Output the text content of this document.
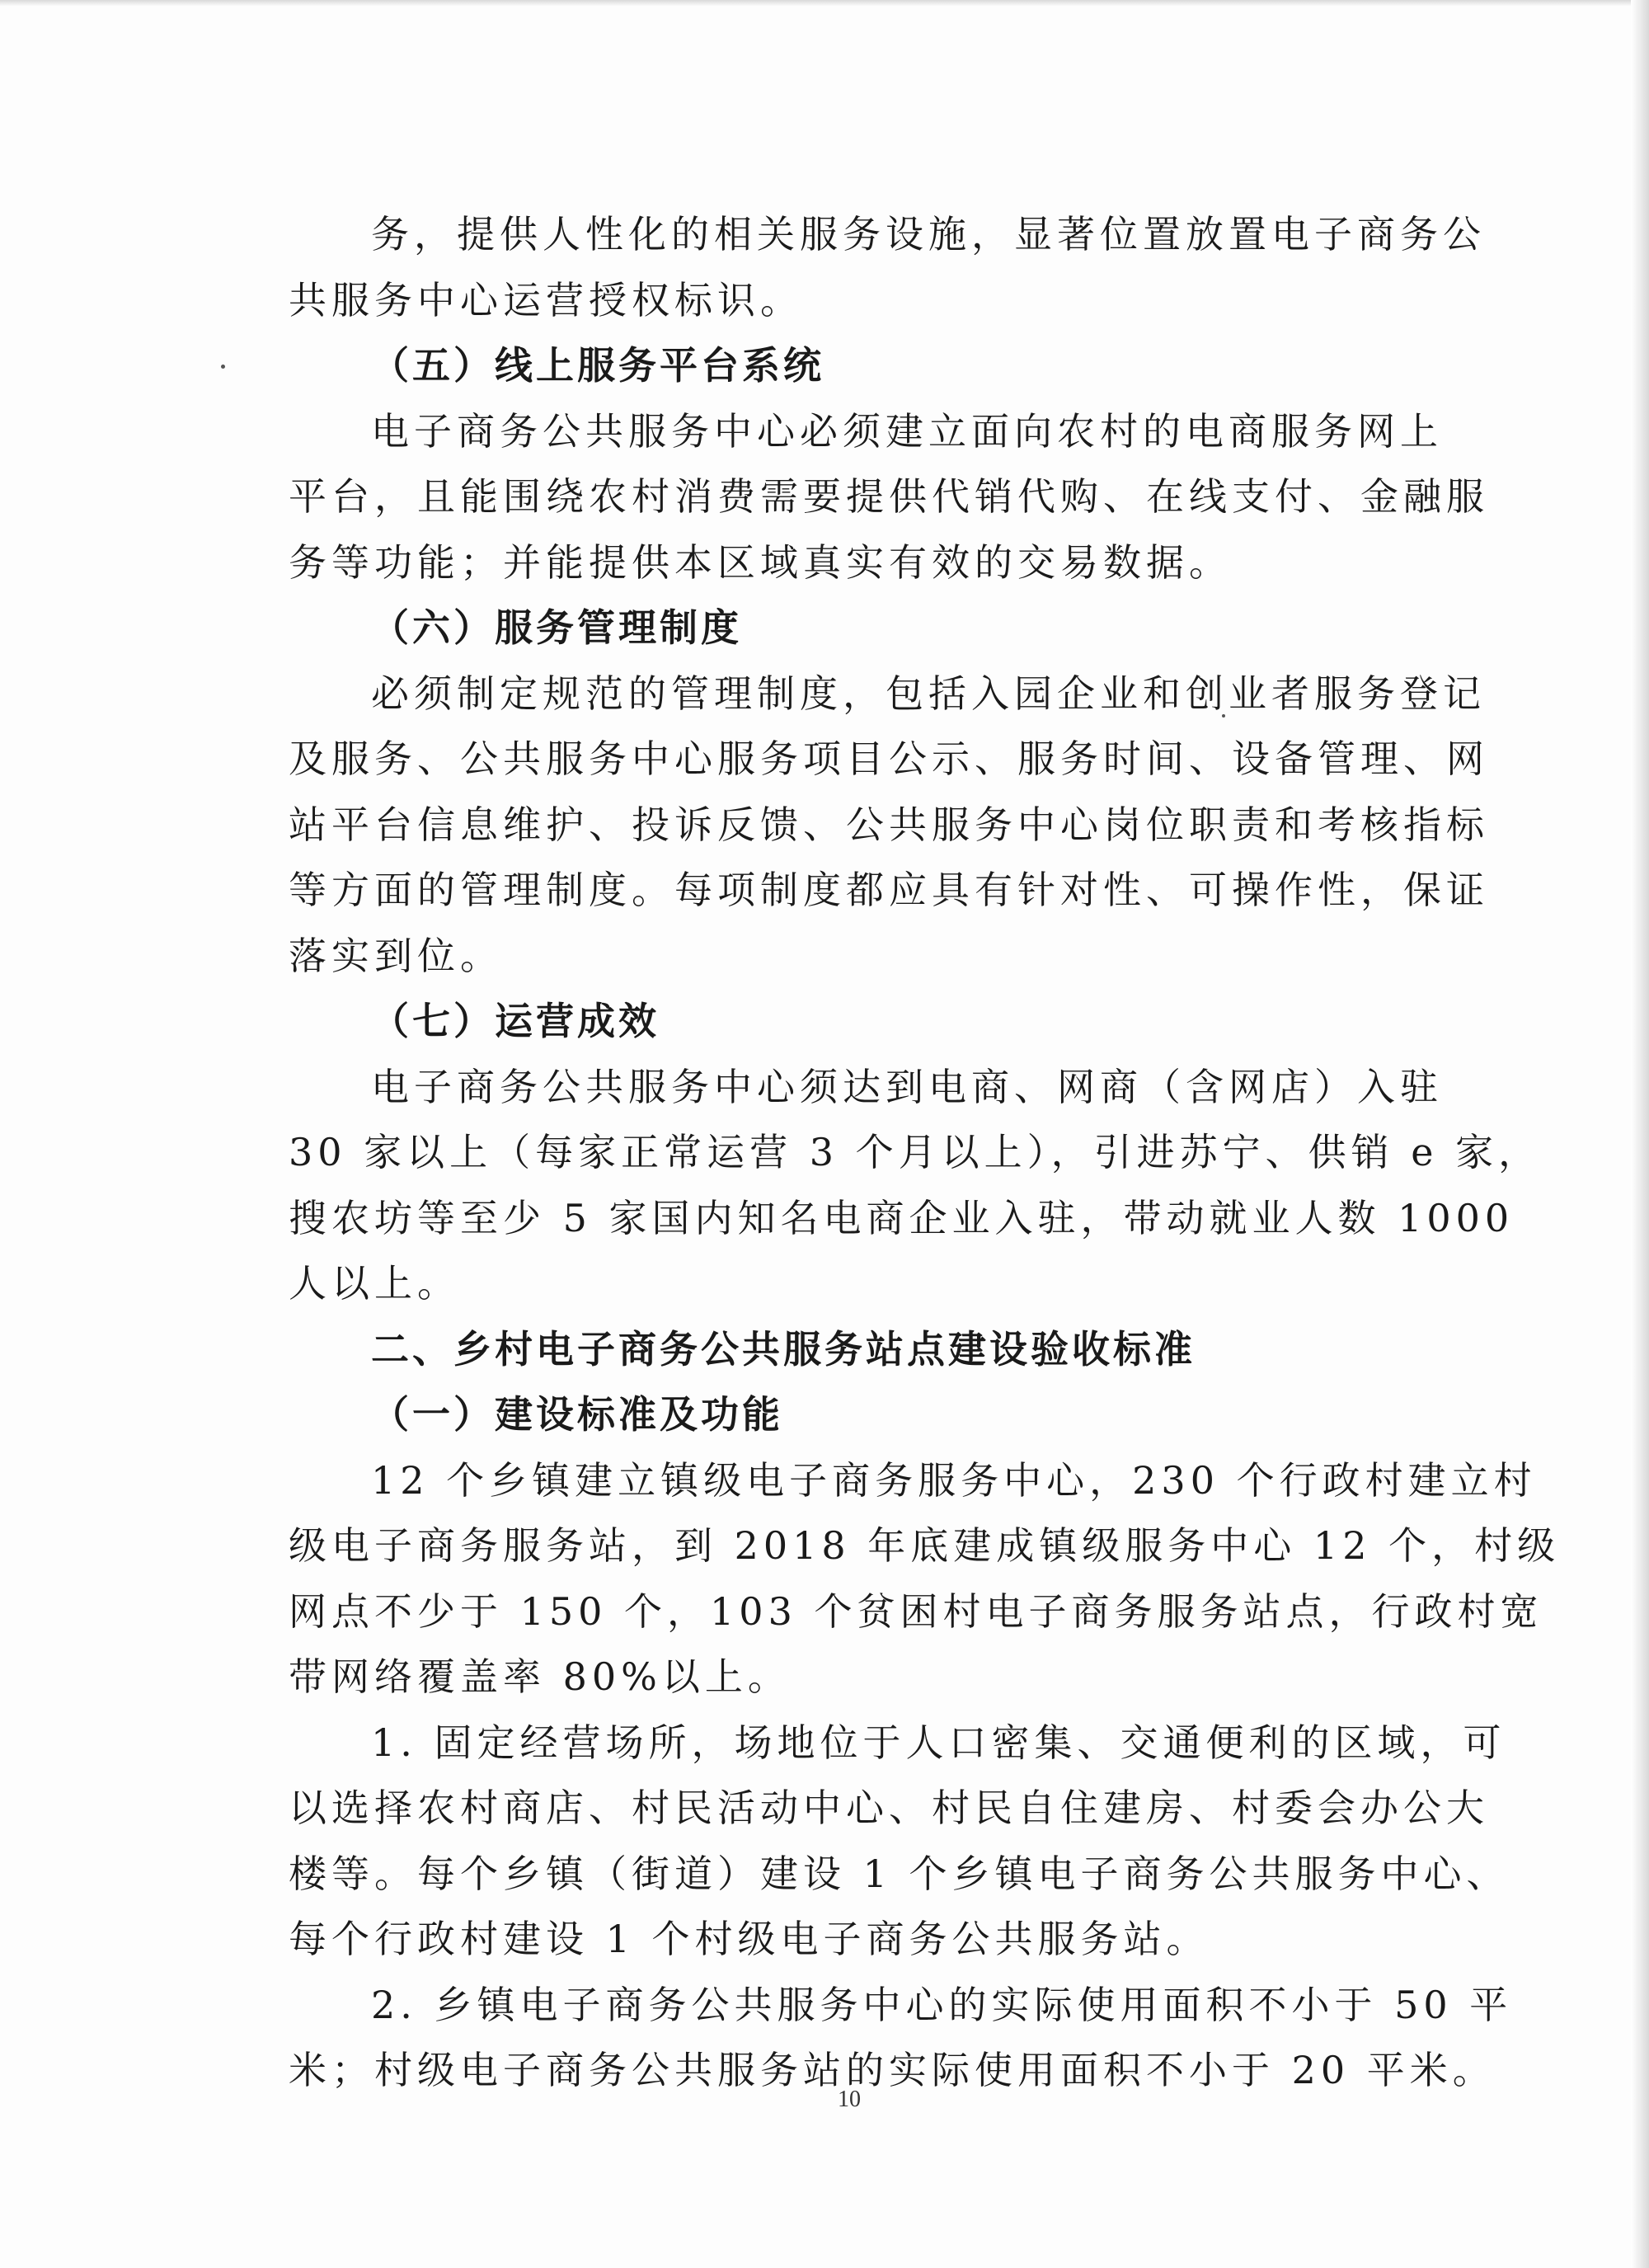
务，提供人性化的相关服务设施，显著位置放置电子商务公
共服务中心运营授权标识。
（五）线上服务平台系统
电子商务公共服务中心必须建立面向农村的电商服务网上
平台，且能围绕农村消费需要提供代销代购、在线支付、金融服
务等功能；并能提供本区域真实有效的交易数据。
（六）服务管理制度
必须制定规范的管理制度，包括入园企业和创业者服务登记
及服务、公共服务中心服务项目公示、服务时间、设备管理、网
站平台信息维护、投诉反馈、公共服务中心岗位职责和考核指标
等方面的管理制度。每项制度都应具有针对性、可操作性，保证
落实到位。
（七）运营成效
电子商务公共服务中心须达到电商、网商（含网店）入驻
30 家以上（每家正常运营 3 个月以上），引进苏宁、供销 e 家，
搜农坊等至少 5 家国内知名电商企业入驻，带动就业人数 1000
人以上。
二、乡村电子商务公共服务站点建设验收标准
（一）建设标准及功能
12 个乡镇建立镇级电子商务服务中心，230 个行政村建立村
级电子商务服务站，到 2018 年底建成镇级服务中心 12 个，村级
网点不少于 150 个，103 个贫困村电子商务服务站点，行政村宽
带网络覆盖率 80%以上。
1. 固定经营场所，场地位于人口密集、交通便利的区域，可
以选择农村商店、村民活动中心、村民自住建房、村委会办公大
楼等。每个乡镇（街道）建设 1 个乡镇电子商务公共服务中心、
每个行政村建设 1 个村级电子商务公共服务站。
2. 乡镇电子商务公共服务中心的实际使用面积不小于 50 平
米；村级电子商务公共服务站的实际使用面积不小于 20 平米。
10
